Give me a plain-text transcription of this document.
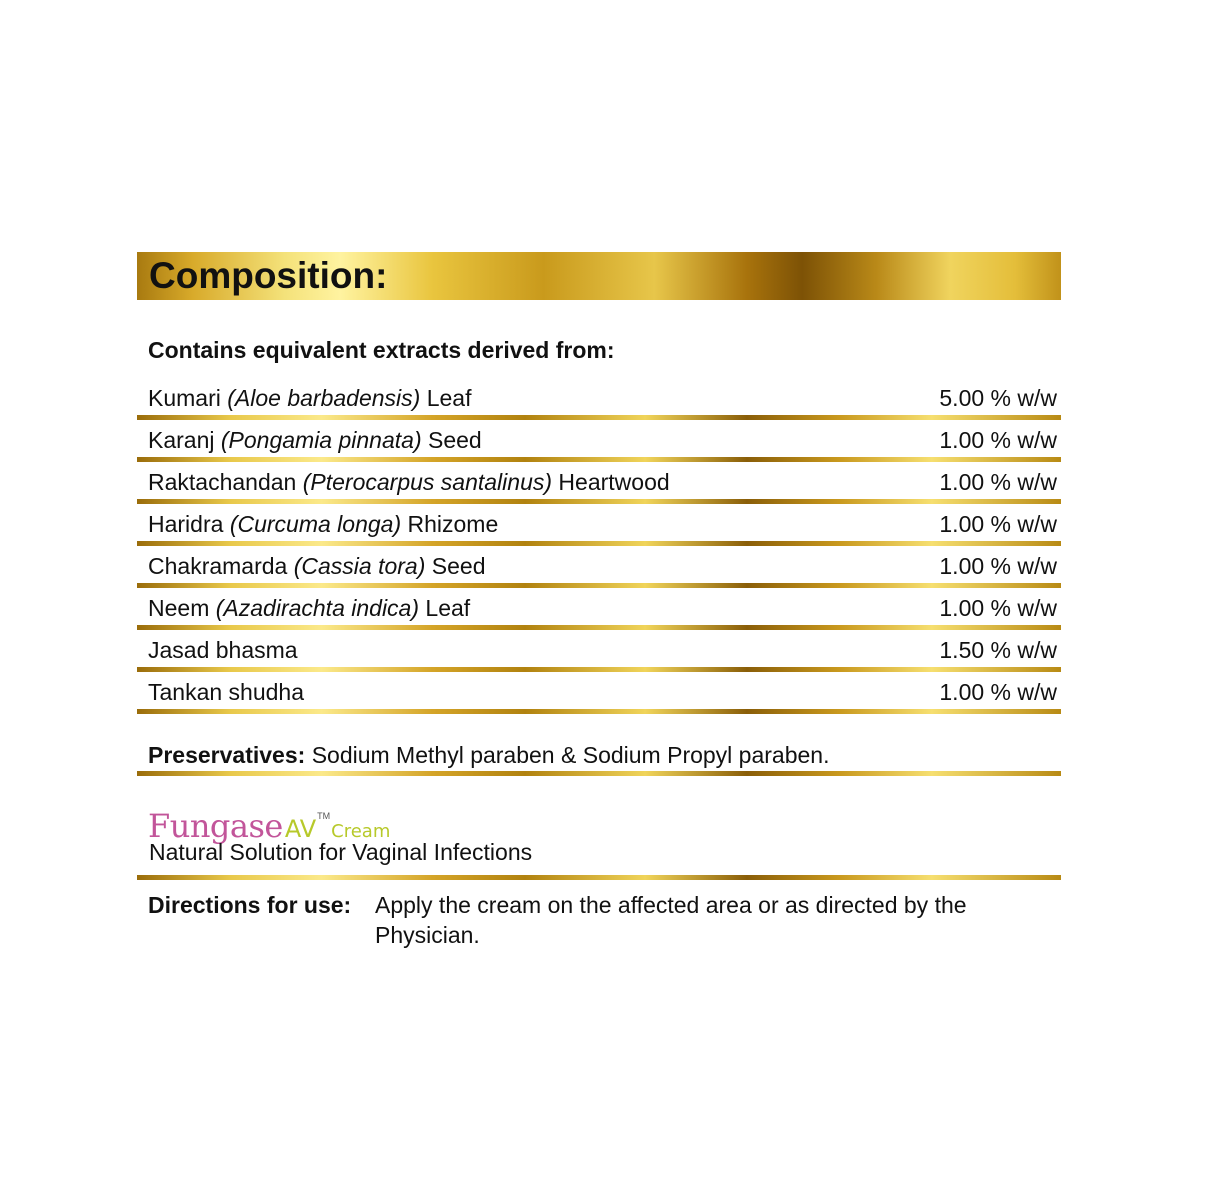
Composition:
Contains equivalent extracts derived from:
Kumari (Aloe barbadensis) Leaf	5.00 % w/w
Karanj (Pongamia pinnata) Seed	1.00 % w/w
Raktachandan (Pterocarpus santalinus) Heartwood	1.00 % w/w
Haridra (Curcuma longa) Rhizome	1.00 % w/w
Chakramarda (Cassia tora) Seed	1.00 % w/w
Neem (Azadirachta indica) Leaf	1.00 % w/w
Jasad bhasma	1.50 % w/w
Tankan shudha	1.00 % w/w
Preservatives: Sodium Methyl paraben & Sodium Propyl paraben.
FungaseAV™Cream
Natural Solution for Vaginal Infections
Directions for use: Apply the cream on the affected area or as directed by the Physician.
